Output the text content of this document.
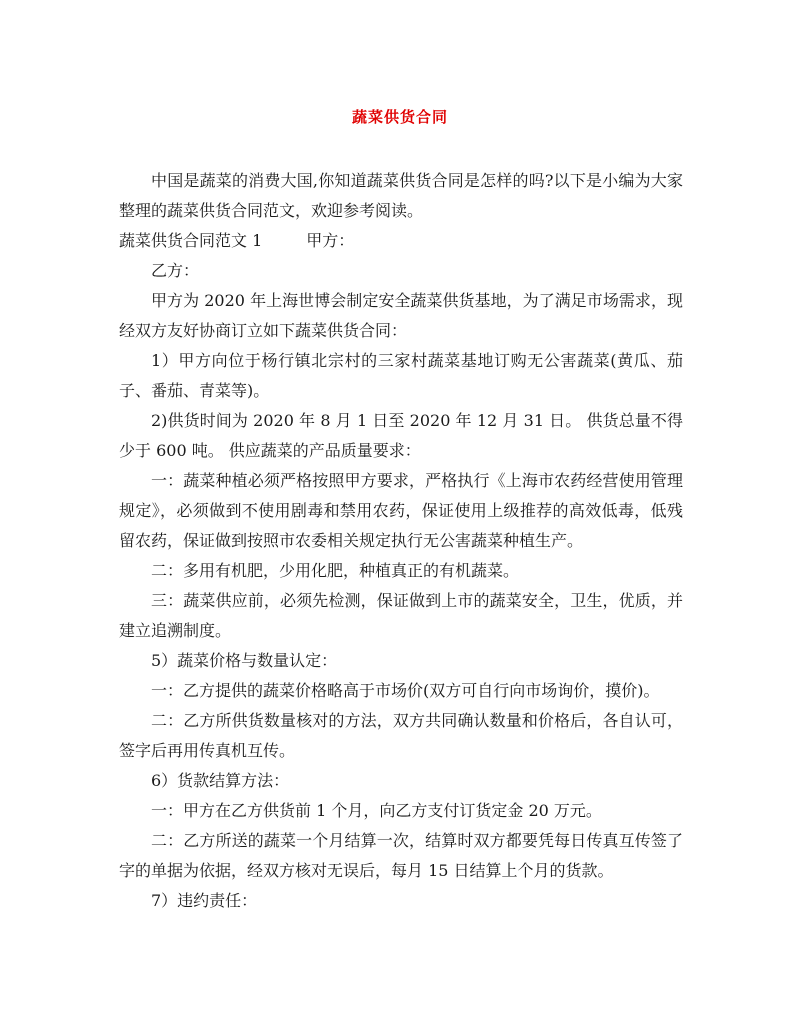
蔬菜供货合同

中国是蔬菜的消费大国,你知道蔬菜供货合同是怎样的吗?以下是小编为大家整理的蔬菜供货合同范文，欢迎参考阅读。

蔬菜供货合同范文 1	甲方：

乙方：

甲方为 2020 年上海世博会制定安全蔬菜供货基地，为了满足市场需求，现经双方友好协商订立如下蔬菜供货合同：

1）甲方向位于杨行镇北宗村的三家村蔬菜基地订购无公害蔬菜(黄瓜、茄子、番茄、青菜等)。

2)供货时间为 2020 年 8 月 1 日至 2020 年 12 月 31 日。 供货总量不得少于 600 吨。 供应蔬菜的产品质量要求：

一：蔬菜种植必须严格按照甲方要求，严格执行《上海市农药经营使用管理规定》，必须做到不使用剧毒和禁用农药，保证使用上级推荐的高效低毒，低残留农药，保证做到按照市农委相关规定执行无公害蔬菜种植生产。

二：多用有机肥，少用化肥，种植真正的有机蔬菜。

三：蔬菜供应前，必须先检测，保证做到上市的蔬菜安全，卫生，优质，并建立追溯制度。

5）蔬菜价格与数量认定：

一：乙方提供的蔬菜价格略高于市场价(双方可自行向市场询价，摸价)。

二：乙方所供货数量核对的方法，双方共同确认数量和价格后，各自认可，签字后再用传真机互传。

6）货款结算方法：

一：甲方在乙方供货前 1 个月，向乙方支付订货定金 20 万元。

二：乙方所送的蔬菜一个月结算一次，结算时双方都要凭每日传真互传签了字的单据为依据，经双方核对无误后，每月 15 日结算上个月的货款。

7）违约责任：
